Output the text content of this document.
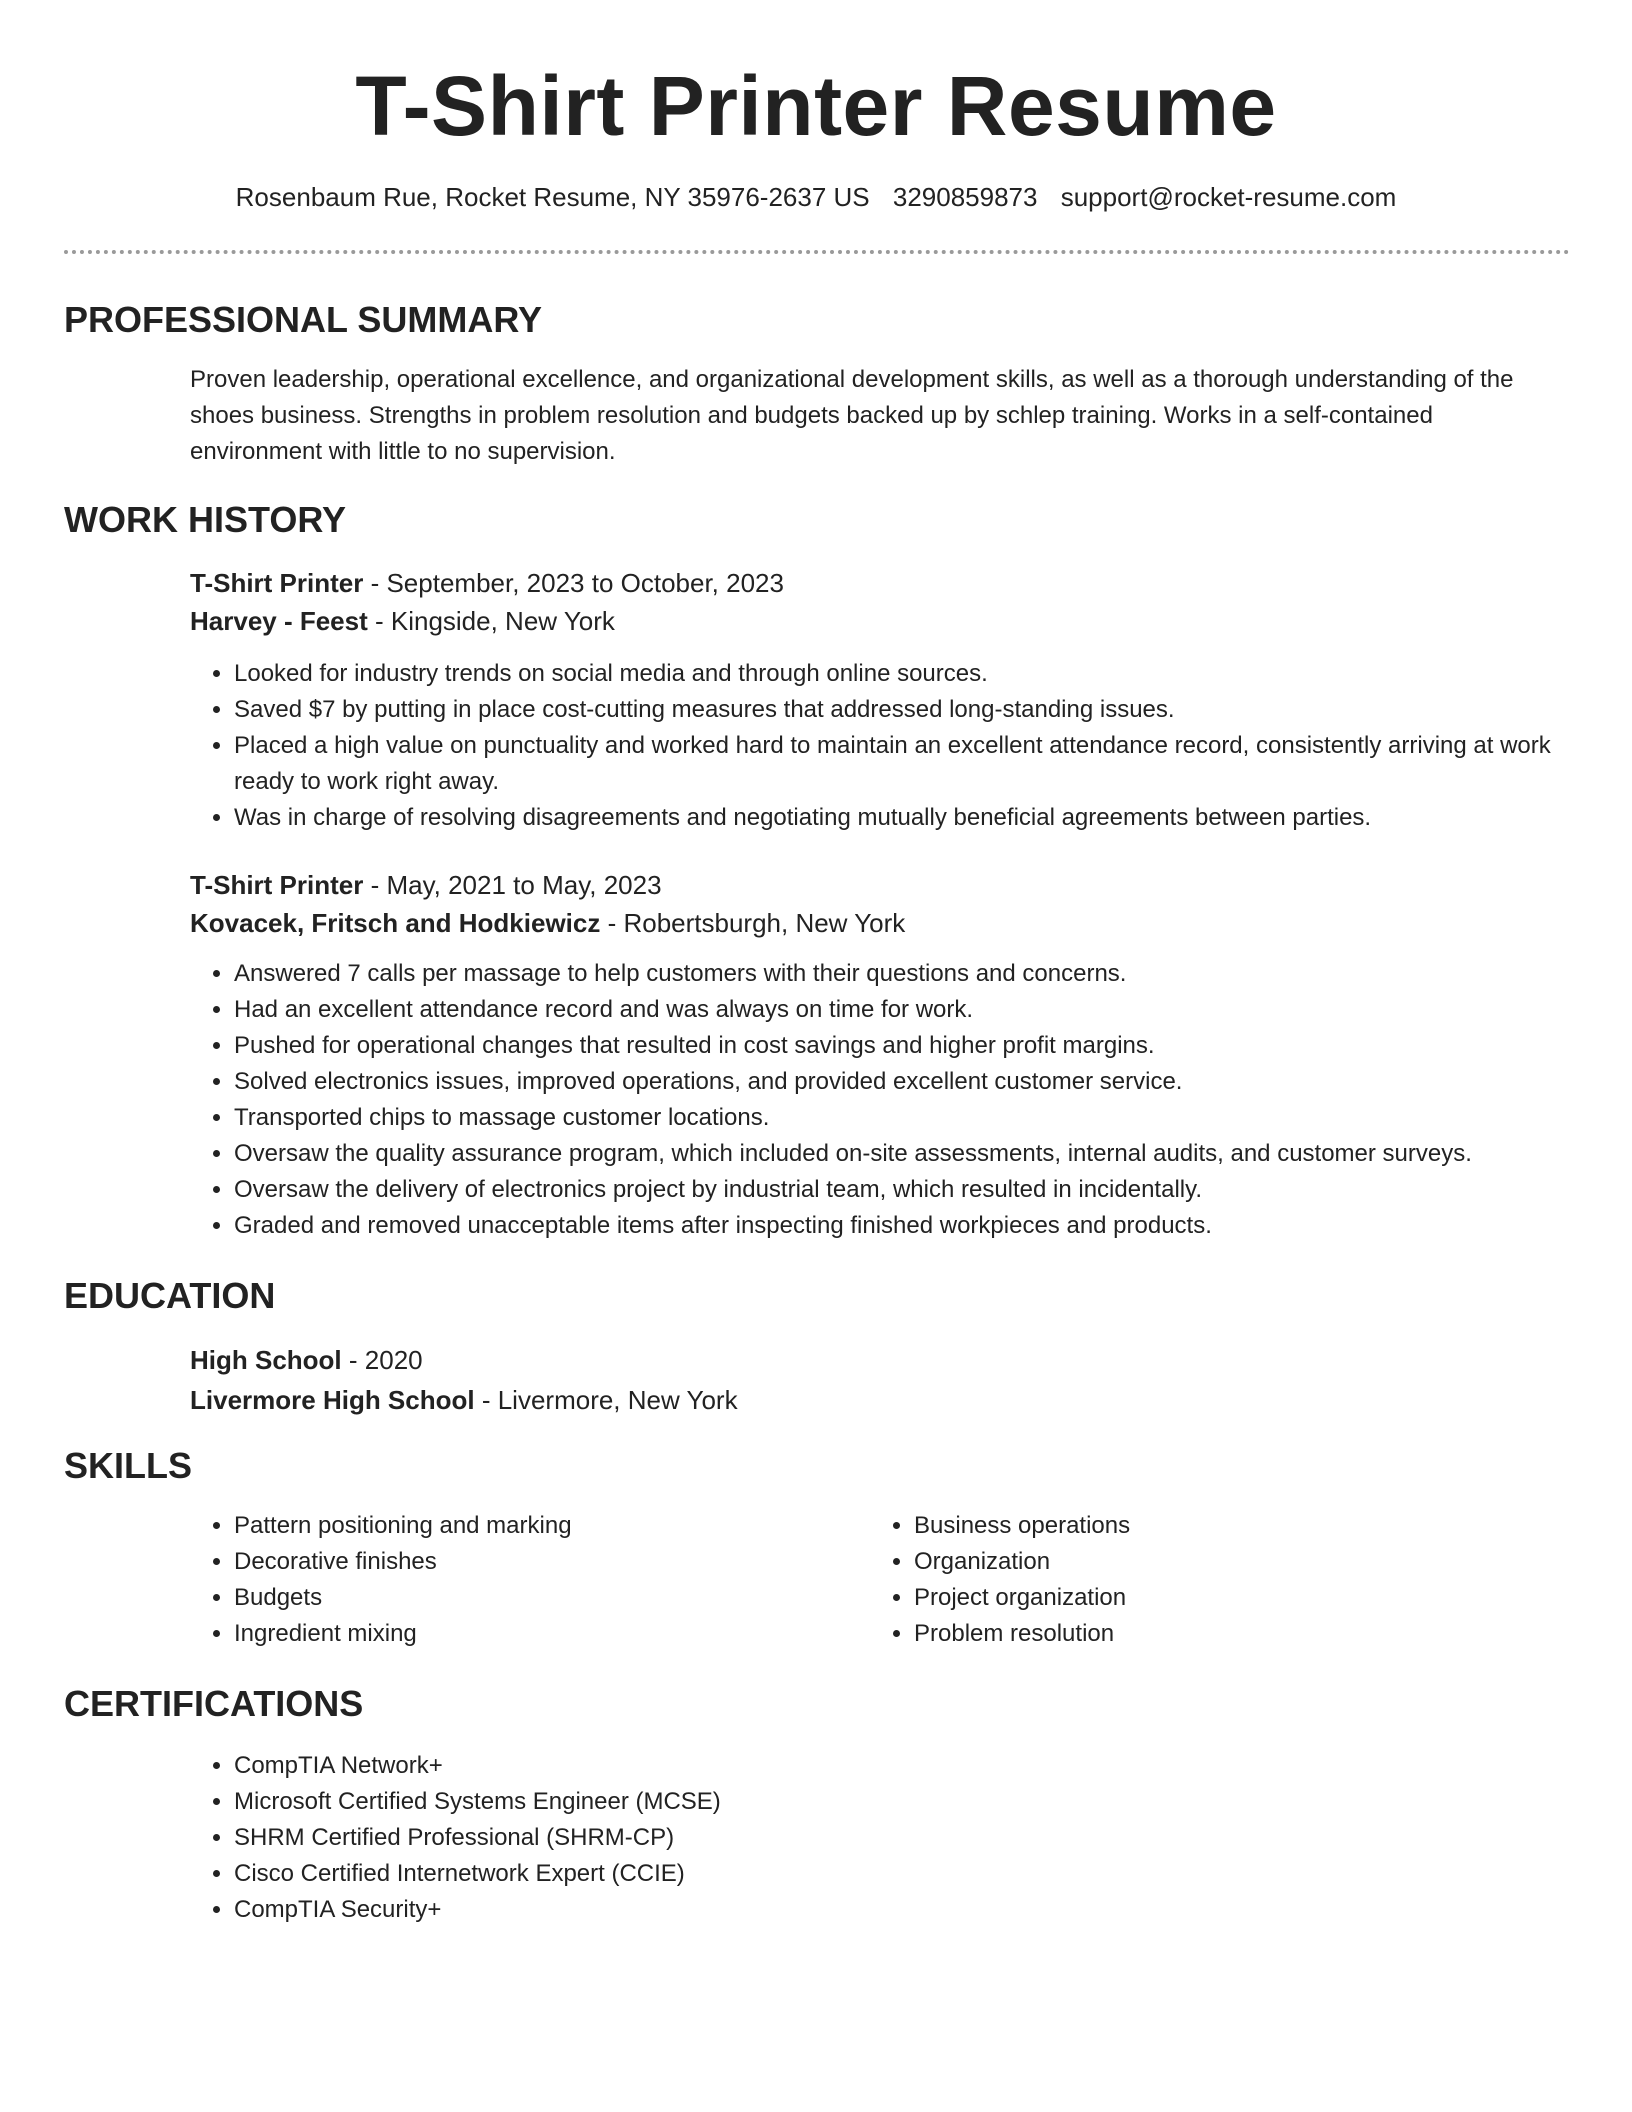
T-Shirt Printer Resume
Rosenbaum Rue, Rocket Resume, NY 35976-2637 US 3290859873 support@rocket-resume.com
PROFESSIONAL SUMMARY

Proven leadership, operational excellence, and organizational development skills, as well as a thorough understanding of the shoes business. Strengths in problem resolution and budgets backed up by schlep training. Works in a self-contained environment with little to no supervision.

WORK HISTORY

T-Shirt Printer - September, 2023 to October, 2023

Harvey - Feest - Kingside, New York

• Looked for industry trends on social media and through online sources.
• Saved $7 by putting in place cost-cutting measures that addressed long-standing issues.
• Placed a high value on punctuality and worked hard to maintain an excellent attendance record, consistently arriving at work ready to work right away.
• Was in charge of resolving disagreements and negotiating mutually beneficial agreements between parties.

T-Shirt Printer - May, 2021 to May, 2023

Kovacek, Fritsch and Hodkiewicz - Robertsburgh, New York

• Answered 7 calls per massage to help customers with their questions and concerns.
• Had an excellent attendance record and was always on time for work.
• Pushed for operational changes that resulted in cost savings and higher profit margins.
• Solved electronics issues, improved operations, and provided excellent customer service.
• Transported chips to massage customer locations.
• Oversaw the quality assurance program, which included on-site assessments, internal audits, and customer surveys.
• Oversaw the delivery of electronics project by industrial team, which resulted in incidentally.
• Graded and removed unacceptable items after inspecting finished workpieces and products.
EDUCATION

High School - 2020

Livermore High School - Livermore, New York

SKILLS
• Pattern positioning and marking
• Decorative finishes
• Budgets
• Ingredient mixing
• Business operations
• Organization
• Project organization
• Problem resolution
CERTIFICATIONS
• CompTIA Network+
• Microsoft Certified Systems Engineer (MCSE)
• SHRM Certified Professional (SHRM-CP)
• Cisco Certified Internetwork Expert (CCIE)
• CompTIA Security+
